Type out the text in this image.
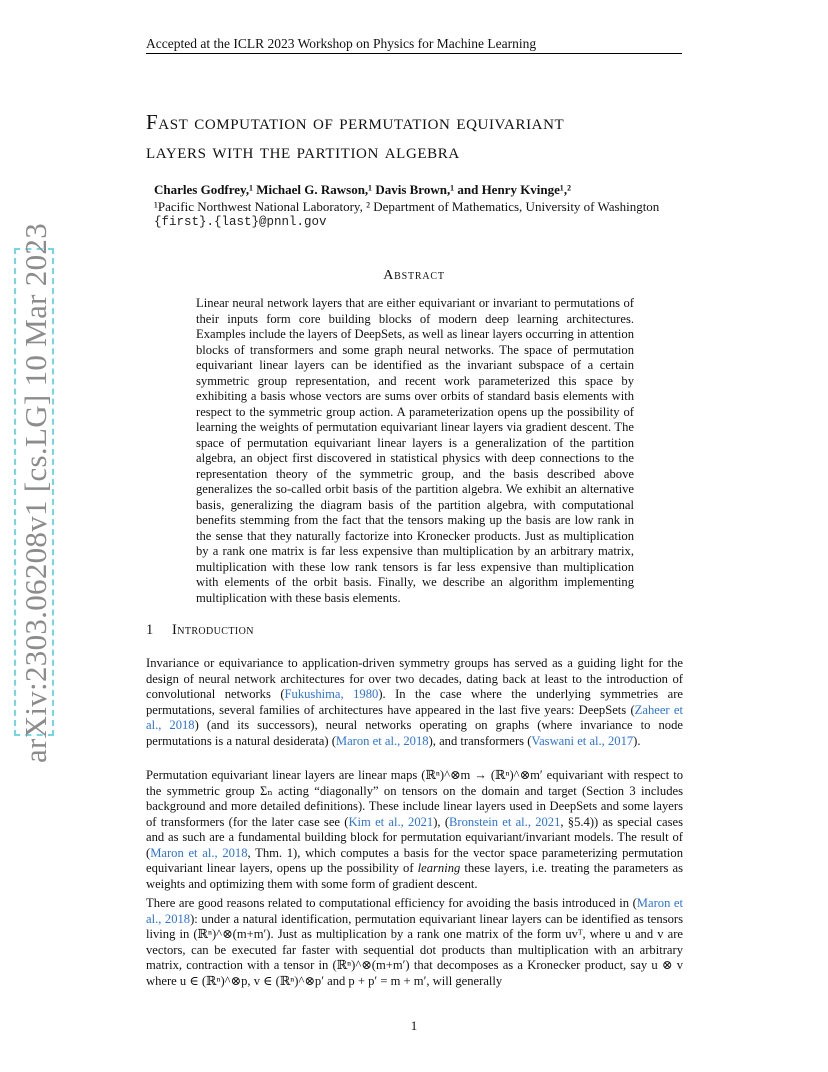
Accepted at the ICLR 2023 Workshop on Physics for Machine Learning
arXiv:2303.06208v1 [cs.LG] 10 Mar 2023
Fast computation of permutation equivariant
layers with the partition algebra
Charles Godfrey,¹ Michael G. Rawson,¹ Davis Brown,¹ and Henry Kvinge¹,²
¹Pacific Northwest National Laboratory, ² Department of Mathematics, University of Washington
{first}.{last}@pnnl.gov
Abstract

Linear neural network layers that are either equivariant or invariant to permutations of their inputs form core building blocks of modern deep learning architectures. Examples include the layers of DeepSets, as well as linear layers occurring in attention blocks of transformers and some graph neural networks. The space of permutation equivariant linear layers can be identified as the invariant subspace of a certain symmetric group representation, and recent work parameterized this space by exhibiting a basis whose vectors are sums over orbits of standard basis elements with respect to the symmetric group action. A parameterization opens up the possibility of learning the weights of permutation equivariant linear layers via gradient descent. The space of permutation equivariant linear layers is a generalization of the partition algebra, an object first discovered in statistical physics with deep connections to the representation theory of the symmetric group, and the basis described above generalizes the so-called orbit basis of the partition algebra. We exhibit an alternative basis, generalizing the diagram basis of the partition algebra, with computational benefits stemming from the fact that the tensors making up the basis are low rank in the sense that they naturally factorize into Kronecker products. Just as multiplication by a rank one matrix is far less expensive than multiplication by an arbitrary matrix, multiplication with these low rank tensors is far less expensive than multiplication with elements of the orbit basis. Finally, we describe an algorithm implementing multiplication with these basis elements.

1 Introduction

Invariance or equivariance to application-driven symmetry groups has served as a guiding light for the design of neural network architectures for over two decades, dating back at least to the introduction of convolutional networks (Fukushima, 1980). In the case where the underlying symmetries are permutations, several families of architectures have appeared in the last five years: DeepSets (Zaheer et al., 2018) (and its successors), neural networks operating on graphs (where invariance to node permutations is a natural desiderata) (Maron et al., 2018), and transformers (Vaswani et al., 2017).

Permutation equivariant linear layers are linear maps (ℝⁿ)^⊗m → (ℝⁿ)^⊗m′ equivariant with respect to the symmetric group Σₙ acting “diagonally” on tensors on the domain and target (Section 3 includes background and more detailed definitions). These include linear layers used in DeepSets and some layers of transformers (for the later case see (Kim et al., 2021), (Bronstein et al., 2021, §5.4)) as special cases and as such are a fundamental building block for permutation equivariant/invariant models. The result of (Maron et al., 2018, Thm. 1), which computes a basis for the vector space parameterizing permutation equivariant linear layers, opens up the possibility of learning these layers, i.e. treating the parameters as weights and optimizing them with some form of gradient descent.

There are good reasons related to computational efficiency for avoiding the basis introduced in (Maron et al., 2018): under a natural identification, permutation equivariant linear layers can be identified as tensors living in (ℝⁿ)^⊗(m+m′). Just as multiplication by a rank one matrix of the form uvᵀ, where u and v are vectors, can be executed far faster with sequential dot products than multiplication with an arbitrary matrix, contraction with a tensor in (ℝⁿ)^⊗(m+m′) that decomposes as a Kronecker product, say u ⊗ v where u ∈ (ℝⁿ)^⊗p, v ∈ (ℝⁿ)^⊗p′ and p + p′ = m + m′, will generally

1
